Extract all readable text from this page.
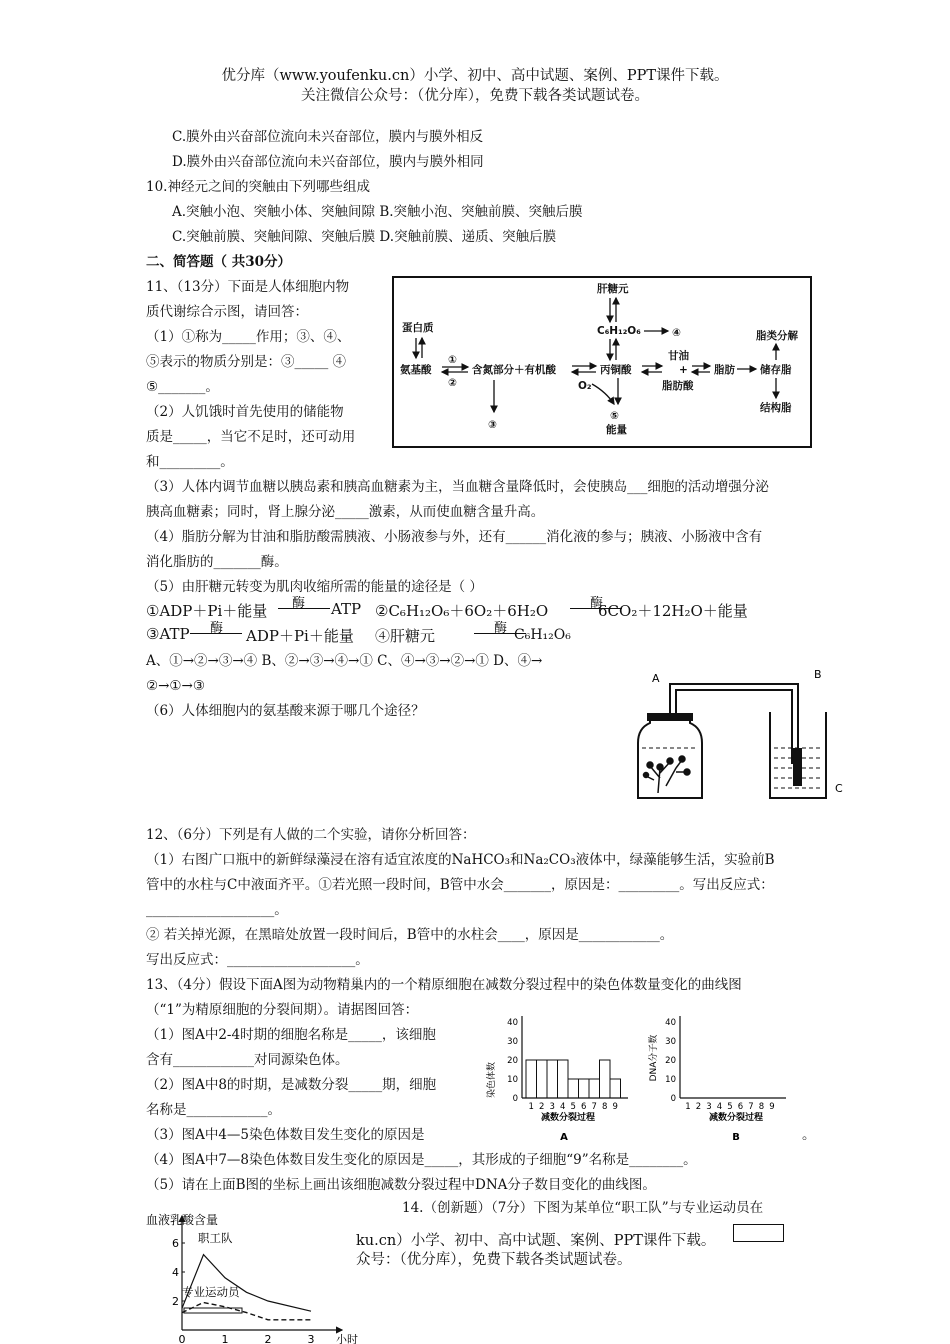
优分库（www.youfenku.cn）小学、初中、高中试题、案例、PPT课件下载。
关注微信公众号：（优分库），免费下载各类试题试卷。
C.膜外由兴奋部位流向未兴奋部位，膜内与膜外相反
D.膜外由兴奋部位流向未兴奋部位，膜内与膜外相同
10.神经元之间的突触由下列哪些组成
A.突触小泡、突触小体、突触间隙 B.突触小泡、突触前膜、突触后膜
C.突触前膜、突触间隙、突触后膜 D.突触前膜、递质、突触后膜
二、简答题（ 共30分）
11、（13分）下面是人体细胞内物
质代谢综合示图，请回答：
（1）①称为_____作用；③、④、
⑤表示的物质分别是：③_____ ④
⑤_______。
（2）人饥饿时首先使用的储能物
质是_____，当它不足时，还可动用
和_________。
蛋白质
氨基酸
①
②
含氮部分＋有机酸
③
肝糖元
C₆H₁₂O₆	④
丙铜酸
O₂
⑤
能量
甘油
+
脂肪酸
脂肪 储存脂
脂类分解
结构脂
（3）人体内调节血糖以胰岛素和胰高血糖素为主，当血糖含量降低时，会使胰岛___细胞的活动增强分泌
胰高血糖素；同时，肾上腺分泌_____激素，从而使血糖含量升高。
（4）脂肪分解为甘油和脂肪酸需胰液、小肠液参与外，还有______消化液的参与；胰液、小肠液中含有
消化脂肪的_______酶。
（5）由肝糖元转变为肌肉收缩所需的能量的途径是（ ）
①ADP＋Pi＋能量 酶 ATP ②C₆H₁₂O₆＋6O₂＋6H₂O	酶
6CO₂＋12H₂O＋能量
③ATP 酶 ADP＋Pi＋能量 ④肝糖元	酶 C₆H₁₂O₆
A、①→②→③→④ B、②→③→④→① C、④→③→②→① D、④→
②→①→③
（6）人体细胞内的氨基酸来源于哪几个途径？
A	B
C
12、（6分）下列是有人做的二个实验，请你分析回答：
（1）右图广口瓶中的新鲜绿藻浸在溶有适宜浓度的NaHCO₃和Na₂CO₃液体中，绿藻能够生活，实验前B
管中的水柱与C中液面齐平。①若光照一段时间，B管中水会_______，原因是：_________。写出反应式：
___________________。
② 若关掉光源，在黑暗处放置一段时间后，B管中的水柱会____，原因是____________。
写出反应式：___________________。
13、（4分）假设下面A图为动物精巢内的一个精原细胞在减数分裂过程中的染色体数量变化的曲线图
（“1”为精原细胞的分裂间期）。请据图回答：
（1）图A中2-4时期的细胞名称是_____，该细胞
含有____________对同源染色体。
（2）图A中8的时期，是减数分裂_____期，细胞
名称是____________。
（3）图A中4—5染色体数目发生变化的原因是	。
（4）图A中7—8染色体数目发生变化的原因是_____，其形成的子细胞“9”名称是________。
（5）请在上面B图的坐标上画出该细胞减数分裂过程中DNA分子数目变化的曲线图。
染色体数
40
30
20
10
0
1 2 3 4 5 6 7 8 9
减数分裂过程
A
DNA分子数
40
30
20
10
0
1 2 3 4 5 6 7 8 9
减数分裂过程
B
14.（创新题）（7分）下图为某单位“职工队”与专业运动员在
ku.cn）小学、初中、高中试题、案例、PPT课件下载。
众号：（优分库），免费下载各类试题试卷。
血液乳酸含量
2
4
6
0	1	2	3 小时
职工队
专业运动员
